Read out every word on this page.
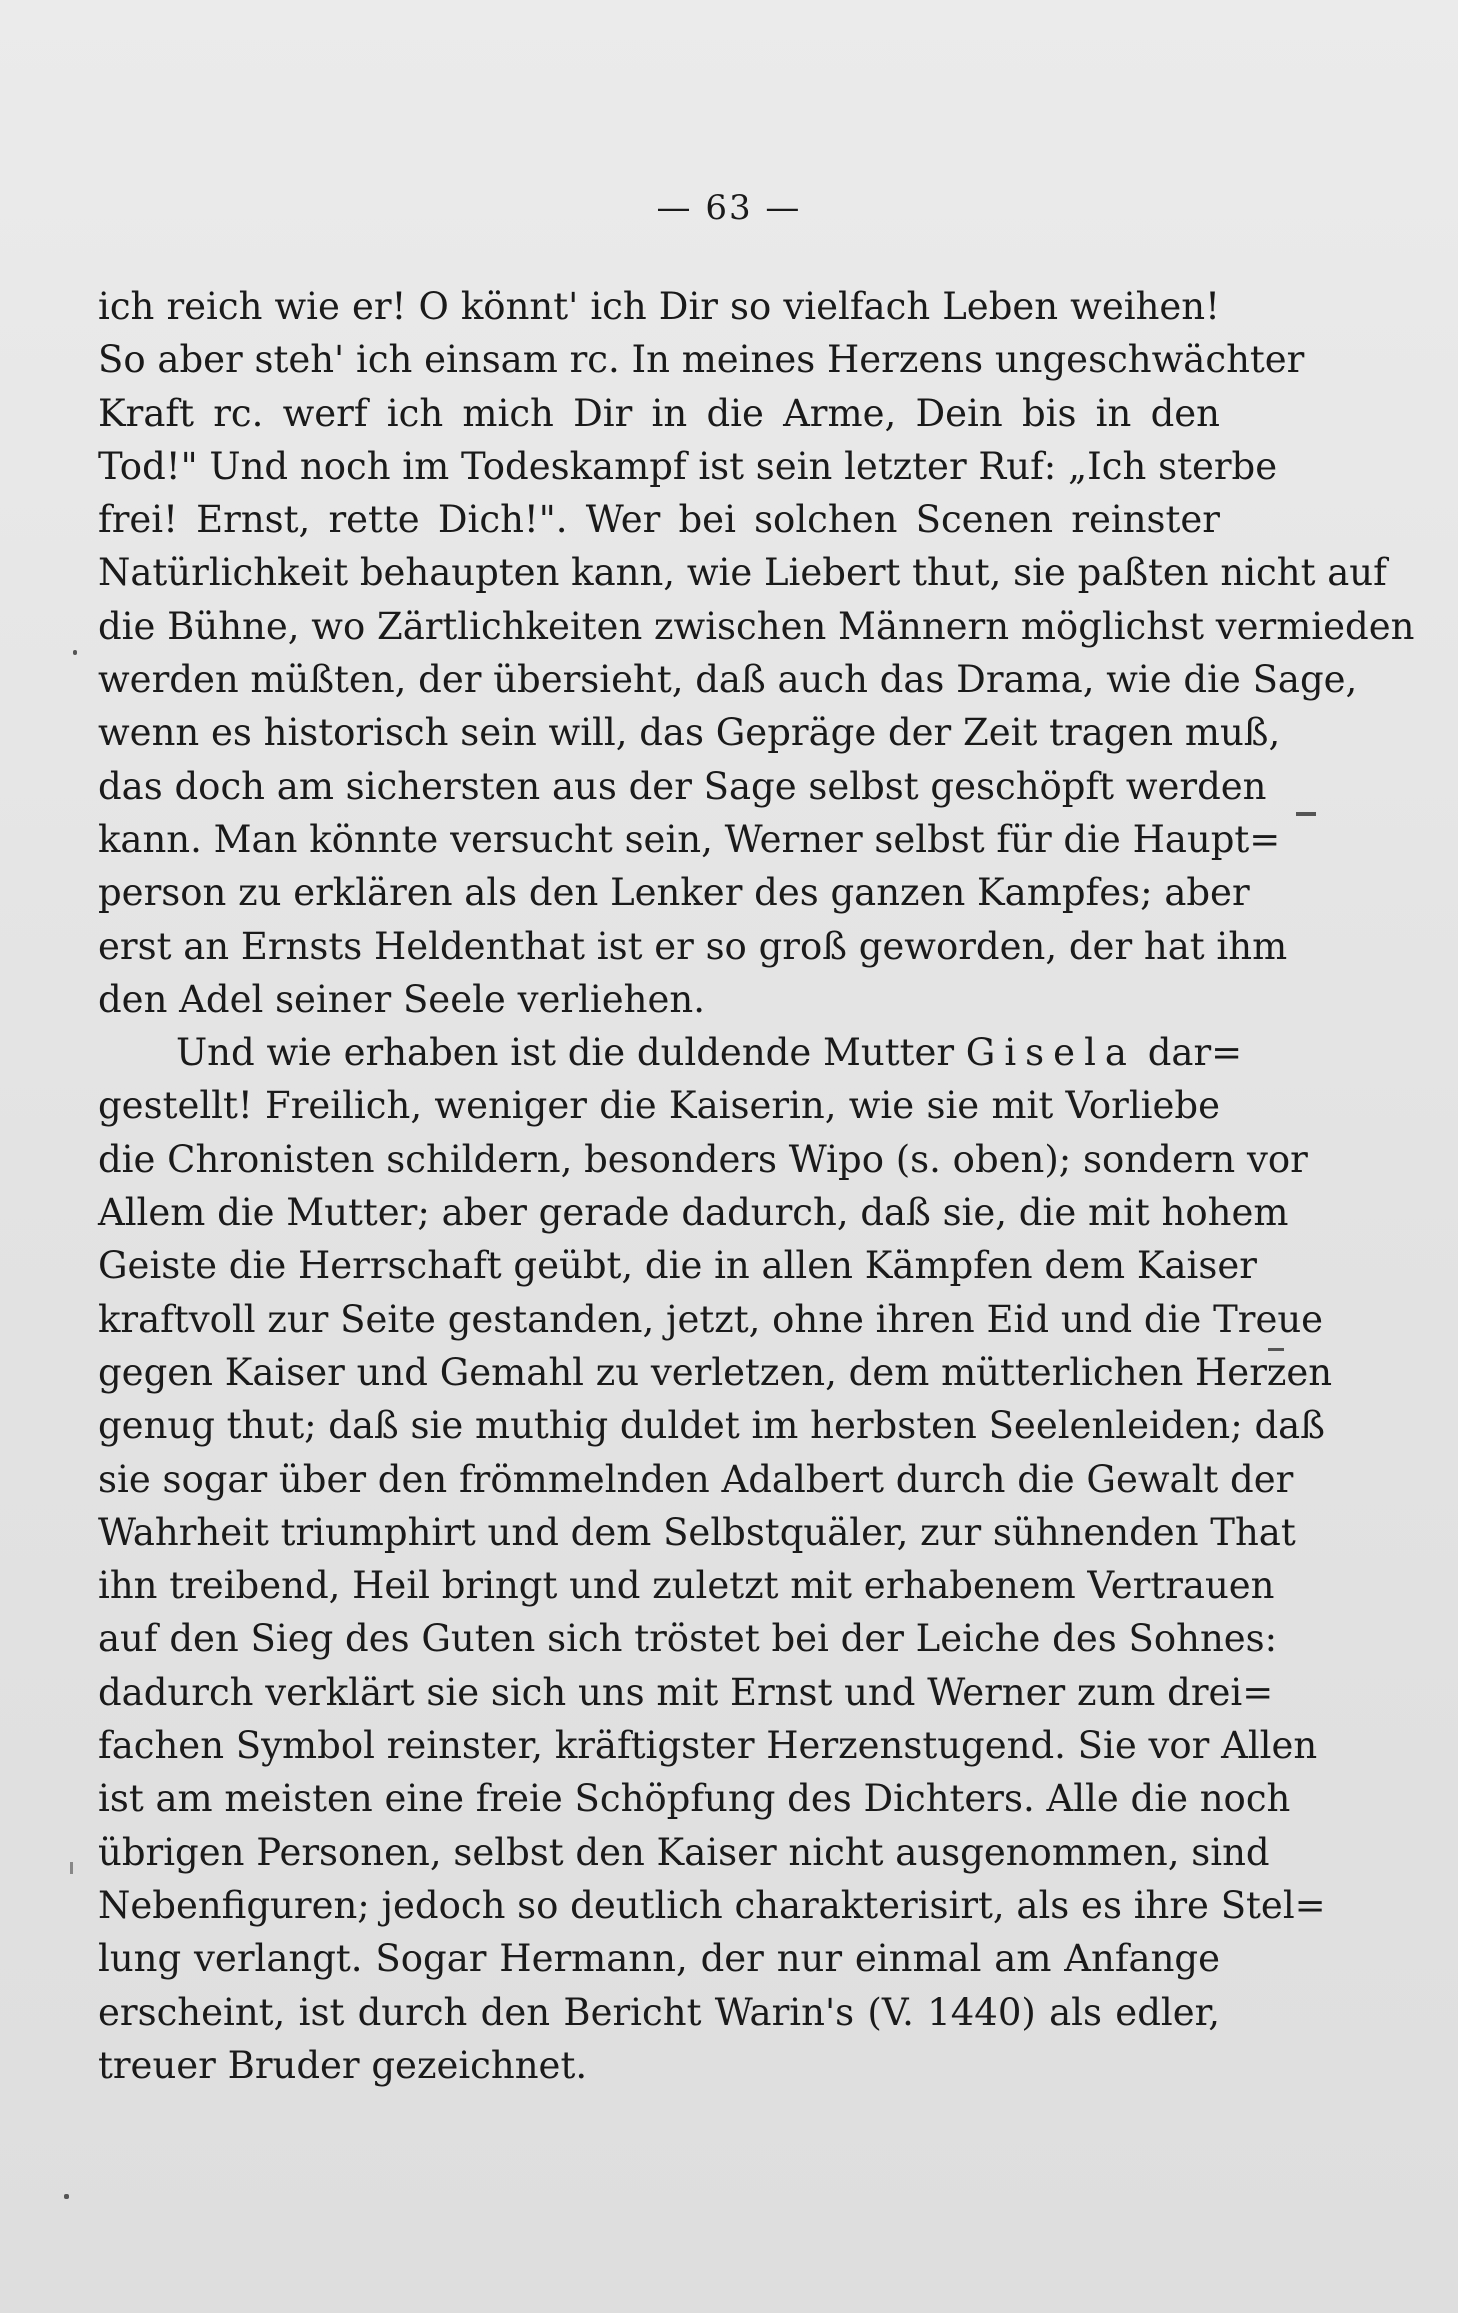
— 63 —
ich reich wie er! O könnt' ich Dir so vielfach Leben weihen!
So aber steh' ich einsam rc. In meines Herzens ungeschwächter
Kraft rc. werf ich mich Dir in die Arme, Dein bis in den
Tod!" Und noch im Todeskampf ist sein letzter Ruf: „Ich sterbe
frei! Ernst, rette Dich!". Wer bei solchen Scenen reinster
Natürlichkeit behaupten kann, wie Liebert thut, sie paßten nicht auf
die Bühne, wo Zärtlichkeiten zwischen Männern möglichst vermieden
werden müßten, der übersieht, daß auch das Drama, wie die Sage,
wenn es historisch sein will, das Gepräge der Zeit tragen muß,
das doch am sichersten aus der Sage selbst geschöpft werden
kann. Man könnte versucht sein, Werner selbst für die Haupt=
person zu erklären als den Lenker des ganzen Kampfes; aber
erst an Ernsts Heldenthat ist er so groß geworden, der hat ihm
den Adel seiner Seele verliehen.
Und wie erhaben ist die duldende Mutter Gisela dar=
gestellt! Freilich, weniger die Kaiserin, wie sie mit Vorliebe
die Chronisten schildern, besonders Wipo (s. oben); sondern vor
Allem die Mutter; aber gerade dadurch, daß sie, die mit hohem
Geiste die Herrschaft geübt, die in allen Kämpfen dem Kaiser
kraftvoll zur Seite gestanden, jetzt, ohne ihren Eid und die Treue
gegen Kaiser und Gemahl zu verletzen, dem mütterlichen Herzen
genug thut; daß sie muthig duldet im herbsten Seelenleiden; daß
sie sogar über den frömmelnden Adalbert durch die Gewalt der
Wahrheit triumphirt und dem Selbstquäler, zur sühnenden That
ihn treibend, Heil bringt und zuletzt mit erhabenem Vertrauen
auf den Sieg des Guten sich tröstet bei der Leiche des Sohnes:
dadurch verklärt sie sich uns mit Ernst und Werner zum drei=
fachen Symbol reinster, kräftigster Herzenstugend. Sie vor Allen
ist am meisten eine freie Schöpfung des Dichters. Alle die noch
übrigen Personen, selbst den Kaiser nicht ausgenommen, sind
Nebenfiguren; jedoch so deutlich charakterisirt, als es ihre Stel=
lung verlangt. Sogar Hermann, der nur einmal am Anfange
erscheint, ist durch den Bericht Warin's (V. 1440) als edler,
treuer Bruder gezeichnet.
